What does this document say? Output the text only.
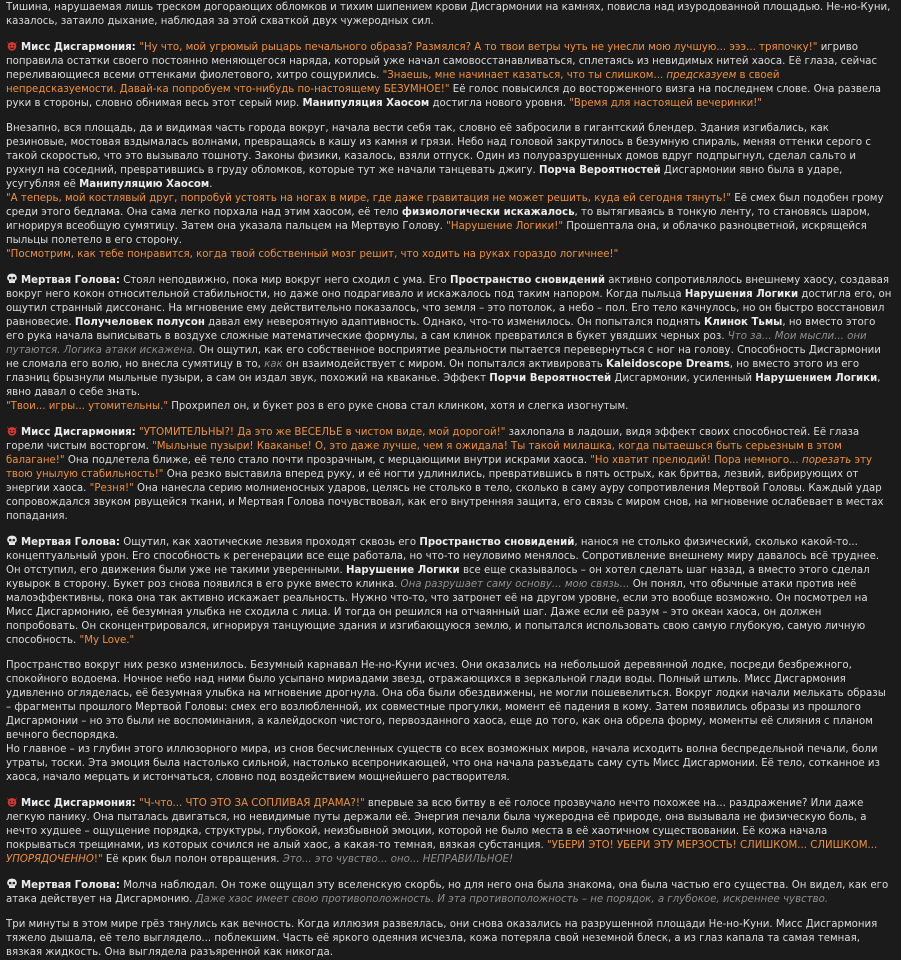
Тишина, нарушаемая лишь треском догорающих обломков и тихим шипением крови Дисгармонии на камнях, повисла над изуродованной площадью. Не-но-Куни, казалось, затаило дыхание, наблюдая за этой схваткой двух чужеродных сил.
Мисс Дисгармония: "Ну что, мой угрюмый рыцарь печального образа? Размялся? А то твои ветры чуть не унесли мою лучшую... эээ... тряпочку!" игриво поправила остатки своего постоянно меняющегося наряда, который уже начал самовосстанавливаться, сплетаясь из невидимых нитей хаоса. Её глаза, сейчас переливающиеся всеми оттенками фиолетового, хитро сощурились. "Знаешь, мне начинает казаться, что ты слишком... предсказуем в своей непредсказуемости. Давай-ка попробуем что-нибудь по-настоящему БЕЗУМНОЕ!" Её голос повысился до восторженного визга на последнем слове. Она развела руки в стороны, словно обнимая весь этот серый мир. Манипуляция Хаосом достигла нового уровня. "Время для настоящей вечеринки!"
Внезапно, вся площадь, да и видимая часть города вокруг, начала вести себя так, словно её забросили в гигантский блендер. Здания изгибались, как резиновые, мостовая вздымалась волнами, превращаясь в кашу из камня и грязи. Небо над головой закрутилось в безумную спираль, меняя оттенки серого с такой скоростью, что это вызывало тошноту. Законы физики, казалось, взяли отпуск. Один из полуразрушенных домов вдруг подпрыгнул, сделал сальто и рухнул на соседний, превратившись в груду обломков, которые тут же начали танцевать джигу. Порча Вероятностей Дисгармонии явно была в ударе, усугубляя её Манипуляцию Хаосом.
"А теперь, мой костлявый друг, попробуй устоять на ногах в мире, где даже гравитация не может решить, куда ей сегодня тянуть!" Её смех был подобен грому среди этого бедлама. Она сама легко порхала над этим хаосом, её тело физиологически искажалось, то вытягиваясь в тонкую ленту, то становясь шаром, игнорируя всеобщую сумятицу. Затем она указала пальцем на Мертвую Голову. "Нарушение Логики!" Прошептала она, и облачко разноцветной, искрящейся пыльцы полетело в его сторону.
"Посмотрим, как тебе понравится, когда твой собственный мозг решит, что ходить на руках гораздо логичнее!"
Мертвая Голова: Стоял неподвижно, пока мир вокруг него сходил с ума. Его Пространство сновидений активно сопротивлялось внешнему хаосу, создавая вокруг него кокон относительной стабильности, но даже оно подрагивало и искажалось под таким напором. Когда пыльца Нарушения Логики достигла его, он ощутил странный диссонанс. На мгновение ему действительно показалось, что земля – это потолок, а небо – пол. Его тело качнулось, но он быстро восстановил равновесие. Получеловек полусон давал ему невероятную адаптивность. Однако, что-то изменилось. Он попытался поднять Клинок Тьмы, но вместо этого его рука начала выписывать в воздухе сложные математические формулы, а сам клинок превратился в букет увядших черных роз. Что за... Мои мысли... они путаются. Логика атаки искажена. Он ощутил, как его собственное восприятие реальности пытается перевернуться с ног на голову. Способность Дисгармонии не сломала его волю, но внесла сумятицу в то, как он взаимодействует с миром. Он попытался активировать Kaleidoscope Dreams, но вместо этого из его глазниц брызнули мыльные пузыри, а сам он издал звук, похожий на кваканье. Эффект Порчи Вероятностей Дисгармонии, усиленный Нарушением Логики, явно давал о себе знать.
"Твои... игры... утомительны." Прохрипел он, и букет роз в его руке снова стал клинком, хотя и слегка изогнутым.
Мисс Дисгармония: "УТОМИТЕЛЬНЫ?! Да это же ВЕСЕЛЬЕ в чистом виде, мой дорогой!" захлопала в ладоши, видя эффект своих способностей. Её глаза горели чистым восторгом. "Мыльные пузыри! Кваканье! О, это даже лучше, чем я ожидала! Ты такой милашка, когда пытаешься быть серьезным в этом балагане!" Она подлетела ближе, её тело стало почти прозрачным, с мерцающими внутри искрами хаоса. "Но хватит прелюдий! Пора немного... порезать эту твою унылую стабильность!" Она резко выставила вперед руку, и её ногти удлинились, превратившись в пять острых, как бритва, лезвий, вибрирующих от энергии хаоса. "Резня!" Она нанесла серию молниеносных ударов, целясь не столько в тело, сколько в саму ауру сопротивления Мертвой Головы. Каждый удар сопровождался звуком рвущейся ткани, и Мертвая Голова почувствовал, как его внутренняя защита, его связь с миром снов, на мгновение ослабевает в местах попадания.
Мертвая Голова: Ощутил, как хаотические лезвия проходят сквозь его Пространство сновидений, нанося не столько физический, сколько какой-то... концептуальный урон. Его способность к регенерации все еще работала, но что-то неуловимо менялось. Сопротивление внешнему миру давалось всё труднее. Он отступил, его движения были уже не такими уверенными. Нарушение Логики все еще сказывалось – он хотел сделать шаг назад, а вместо этого сделал кувырок в сторону. Букет роз снова появился в его руке вместо клинка. Она разрушает саму основу... мою связь... Он понял, что обычные атаки против неё малоэффективны, пока она так активно искажает реальность. Нужно что-то, что затронет её на другом уровне, если это вообще возможно. Он посмотрел на Мисс Дисгармонию, её безумная улыбка не сходила с лица. И тогда он решился на отчаянный шаг. Даже если её разум – это океан хаоса, он должен попробовать. Он сконцентрировался, игнорируя танцующие здания и изгибающуюся землю, и попытался использовать свою самую глубокую, самую личную способность. "My Love."
Пространство вокруг них резко изменилось. Безумный карнавал Не-но-Куни исчез. Они оказались на небольшой деревянной лодке, посреди безбрежного, спокойного водоема. Ночное небо над ними было усыпано мириадами звезд, отражающихся в зеркальной глади воды. Полный штиль. Мисс Дисгармония удивленно огляделась, её безумная улыбка на мгновение дрогнула. Она оба были обездвижены, не могли пошевелиться. Вокруг лодки начали мелькать образы – фрагменты прошлого Мертвой Головы: смех его возлюбленной, их совместные прогулки, момент её падения в кому. Затем появились образы из прошлого Дисгармонии – но это были не воспоминания, а калейдоскоп чистого, первозданного хаоса, еще до того, как она обрела форму, моменты её слияния с планом вечного беспорядка.
Но главное – из глубин этого иллюзорного мира, из снов бесчисленных существ со всех возможных миров, начала исходить волна беспредельной печали, боли утраты, тоски. Эта эмоция была настолько сильной, настолько всепроникающей, что она начала разъедать саму суть Мисс Дисгармонии. Её тело, сотканное из хаоса, начало мерцать и истончаться, словно под воздействием мощнейшего растворителя.
Мисс Дисгармония: "Ч-что... ЧТО ЭТО ЗА СОПЛИВАЯ ДРАМА?!" впервые за всю битву в её голосе прозвучало нечто похожее на... раздражение? Или даже легкую панику. Она пыталась двигаться, но невидимые путы держали её. Энергия печали была чужеродна её природе, она вызывала не физическую боль, а нечто худшее – ощущение порядка, структуры, глубокой, неизбывной эмоции, которой не было места в её хаотичном существовании. Её кожа начала покрываться трещинами, из которых сочился не алый хаос, а какая-то темная, вязкая субстанция. "УБЕРИ ЭТО! УБЕРИ ЭТУ МЕРЗОСТЬ! СЛИШКОМ... СЛИШКОМ... УПОРЯДОЧЕННО!" Её крик был полон отвращения. Это... это чувство... оно... НЕПРАВИЛЬНОЕ!
Мертвая Голова: Молча наблюдал. Он тоже ощущал эту вселенскую скорбь, но для него она была знакома, она была частью его существа. Он видел, как его атака действует на Дисгармонию. Даже хаос имеет свою противоположность. И эта противоположность – не порядок, а глубокое, искреннее чувство.
Три минуты в этом мире грёз тянулись как вечность. Когда иллюзия развеялась, они снова оказались на разрушенной площади Не-но-Куни. Мисс Дисгармония тяжело дышала, её тело выглядело... поблекшим. Часть её яркого одеяния исчезла, кожа потеряла свой неземной блеск, а из глаз капала та самая темная, вязкая жидкость. Она выглядела разъяренной как никогда.
